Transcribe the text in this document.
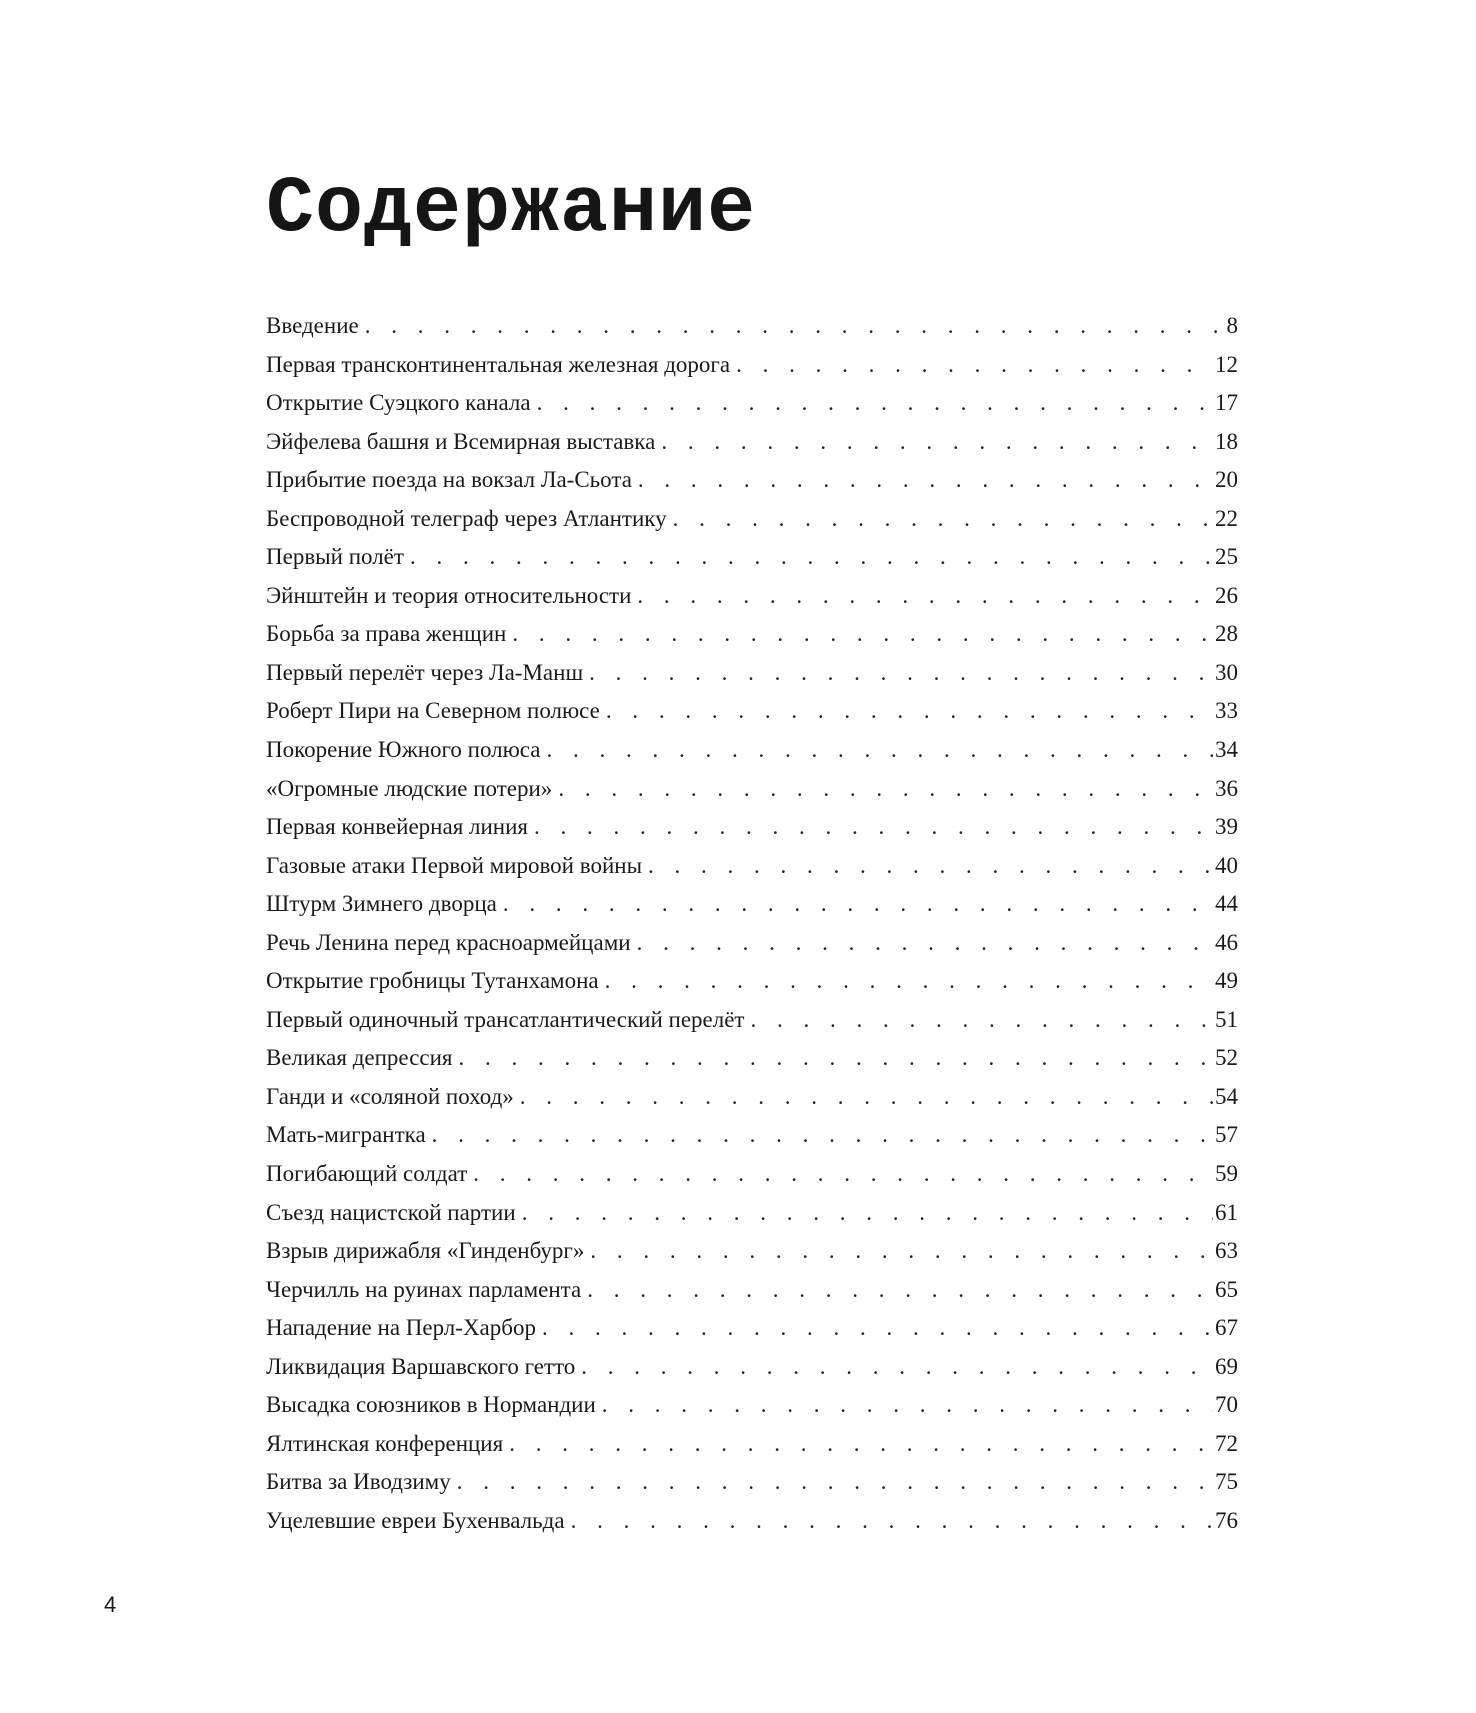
Содержание
Введение . . .	8
Первая трансконтинентальная железная дорога . . .	12
Открытие Суэцкого канала . . .	17
Эйфелева башня и Всемирная выставка . . .	18
Прибытие поезда на вокзал Ла-Сьота . . .	20
Беспроводной телеграф через Атлантику . . .	22
Первый полёт . . .	25
Эйнштейн и теория относительности . . .	26
Борьба за права женщин . . .	28
Первый перелёт через Ла-Манш . . .	30
Роберт Пири на Северном полюсе . . .	33
Покорение Южного полюса . . .	34
«Огромные людские потери» . . .	36
Первая конвейерная линия . . .	39
Газовые атаки Первой мировой войны . . .	40
Штурм Зимнего дворца . . .	44
Речь Ленина перед красноармейцами . . .	46
Открытие гробницы Тутанхамона . . .	49
Первый одиночный трансатлантический перелёт . . .	51
Великая депрессия . . .	52
Ганди и «соляной поход» . . .	54
Мать-мигрантка . . .	57
Погибающий солдат . . .	59
Съезд нацистской партии . . .	61
Взрыв дирижабля «Гинденбург» . . .	63
Черчилль на руинах парламента . . .	65
Нападение на Перл-Харбор . . .	67
Ликвидация Варшавского гетто . . .	69
Высадка союзников в Нормандии . . .	70
Ялтинская конференция . . .	72
Битва за Иводзиму . . .	75
Уцелевшие евреи Бухенвальда . . .	76
4
